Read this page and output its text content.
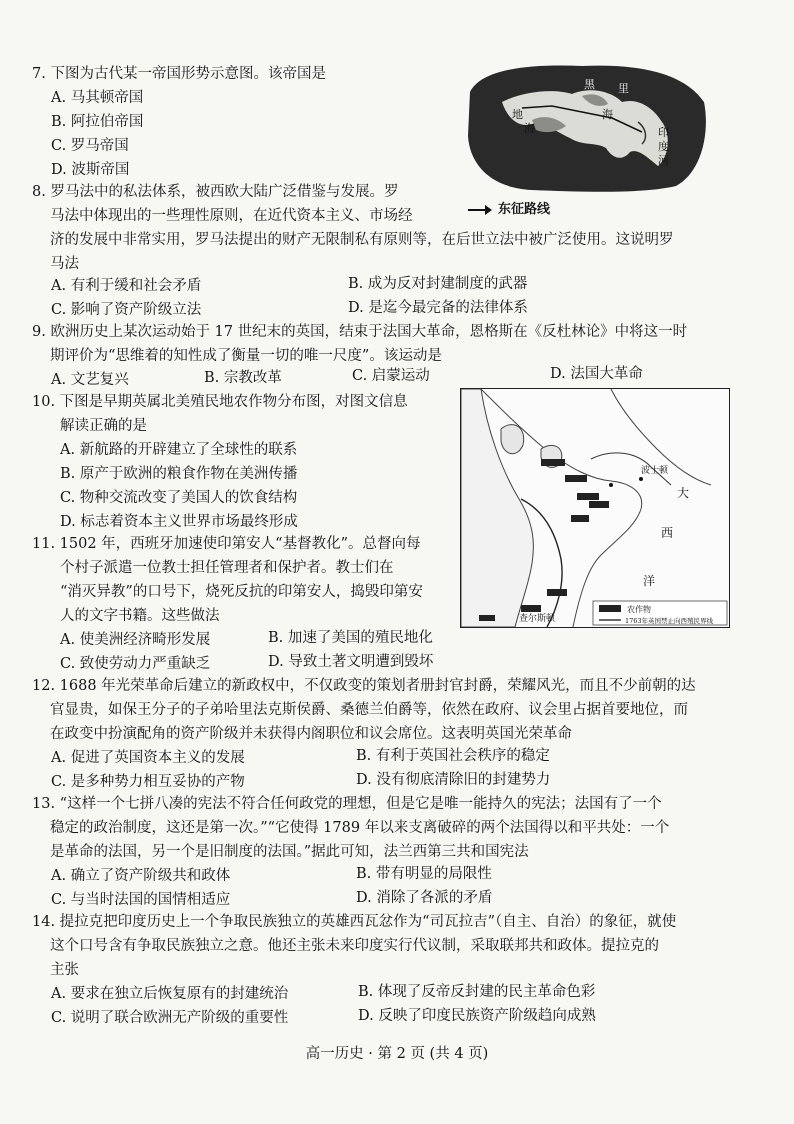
7. 下图为古代某一帝国形势示意图。该帝国是
A. 马其顿帝国
B. 阿拉伯帝国
C. 罗马帝国
D. 波斯帝国
地
海
黑
海
里
印
度
河
东征路线
8. 罗马法中的私法体系，被西欧大陆广泛借鉴与发展。罗
马法中体现出的一些理性原则，在近代资本主义、市场经
济的发展中非常实用，罗马法提出的财产无限制私有原则等，在后世立法中被广泛使用。这说明罗
马法
A. 有利于缓和社会矛盾	B. 成为反对封建制度的武器
C. 影响了资产阶级立法	D. 是迄今最完备的法律体系
9. 欧洲历史上某次运动始于 17 世纪末的英国，结束于法国大革命，恩格斯在《反杜林论》中将这一时
期评价为“思维着的知性成了衡量一切的唯一尺度”。该运动是
A. 文艺复兴	B. 宗教改革	C. 启蒙运动	D. 法国大革命
10. 下图是早期英属北美殖民地农作物分布图，对图文信息
解读正确的是
A. 新航路的开辟建立了全球性的联系
B. 原产于欧洲的粮食作物在美洲传播
C. 物种交流改变了美国人的饮食结构
D. 标志着资本主义世界市场最终形成
大
西
洋
波士顿
查尔斯顿
农作物
1763年英国禁止向西殖民界线
11. 1502 年，西班牙加速使印第安人“基督教化”。总督向每
个村子派遣一位教士担任管理者和保护者。教士们在
“消灭异教”的口号下，烧死反抗的印第安人，捣毁印第安
人的文字书籍。这些做法
A. 使美洲经济畸形发展	B. 加速了美国的殖民地化
C. 致使劳动力严重缺乏	D. 导致土著文明遭到毁坏
12. 1688 年光荣革命后建立的新政权中，不仅政变的策划者册封官封爵，荣耀风光，而且不少前朝的达
官显贵，如保王分子的子弟哈里法克斯侯爵、桑德兰伯爵等，依然在政府、议会里占据首要地位，而
在政变中扮演配角的资产阶级并未获得内阁职位和议会席位。这表明英国光荣革命
A. 促进了英国资本主义的发展	B. 有利于英国社会秩序的稳定
C. 是多种势力相互妥协的产物	D. 没有彻底清除旧的封建势力
13. “这样一个七拼八凑的宪法不符合任何政党的理想，但是它是唯一能持久的宪法；法国有了一个
稳定的政治制度，这还是第一次。”“它使得 1789 年以来支离破碎的两个法国得以和平共处：一个
是革命的法国，另一个是旧制度的法国。”据此可知，法兰西第三共和国宪法
A. 确立了资产阶级共和政体	B. 带有明显的局限性
C. 与当时法国的国情相适应	D. 消除了各派的矛盾
14. 提拉克把印度历史上一个争取民族独立的英雄西瓦忿作为“司瓦拉吉”（自主、自治）的象征，就使
这个口号含有争取民族独立之意。他还主张未来印度实行代议制，采取联邦共和政体。提拉克的
主张
A. 要求在独立后恢复原有的封建统治	B. 体现了反帝反封建的民主革命色彩
C. 说明了联合欧洲无产阶级的重要性	D. 反映了印度民族资产阶级趋向成熟
高一历史 · 第 2 页 (共 4 页)
